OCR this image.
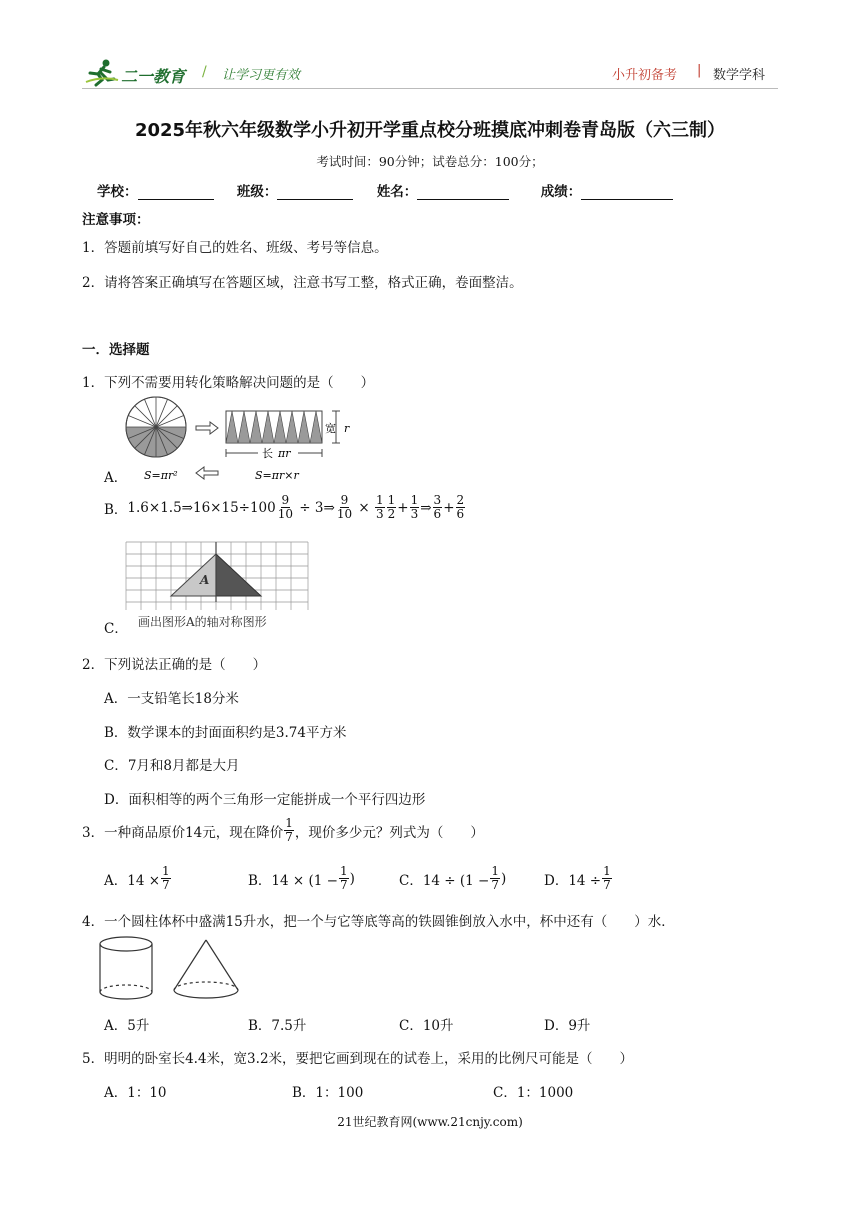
二一教育 / 让学习更有效	小升初备考 | 数学学科
2025年秋六年级数学小升初开学重点校分班摸底冲刺卷青岛版（六三制）
考试时间：90分钟；试卷总分：100分；
学校：	班级：	姓名：	成绩：
注意事项：
1．答题前填写好自己的姓名、班级、考号等信息。
2．请将答案正确填写在答题区域，注意书写工整，格式正确，卷面整洁。
一．选择题
1．下列不需要用转化策略解决问题的是（　　）
宽 r
长 πr
S=πr²	S=πr×r
A．
B． 1.6×1.5⇒16×15÷100 $\frac{9}{10}$ ÷ 3⇒ $\frac{9}{10} \times \frac{1}{3} \frac{1}{2} + \frac{1}{3}$ ⇒ $\frac{3}{6} + \frac{2}{6}$
A
画出图形A的轴对称图形
C．
2．下列说法正确的是（　　）
A．一支铅笔长18分米
B．数学课本的封面面积约是3.74平方米
C．7月和8月都是大月
D．面积相等的两个三角形一定能拼成一个平行四边形
3．一种商品原价14元，现在降价 $\frac{1}{7}$ ，现价多少元？列式为（　　）
A．$14 \times \frac{1}{7}$	B．$14 \times (1 - \frac{1}{7}$ )	C．$14 \div (1 - \frac{1}{7}$ )	D．$14 \div \frac{1}{7}$
4．一个圆柱体杯中盛满15升水，把一个与它等底等高的铁圆锥倒放入水中，杯中还有（　　）水．
A．5升	B．7.5升	C．10升	D．9升
5．明明的卧室长4.4米，宽3.2米，要把它画到现在的试卷上，采用的比例尺可能是（　　）
A．1：10	B．1：100	C．1：1000
21世纪教育网(www.21cnjy.com)
